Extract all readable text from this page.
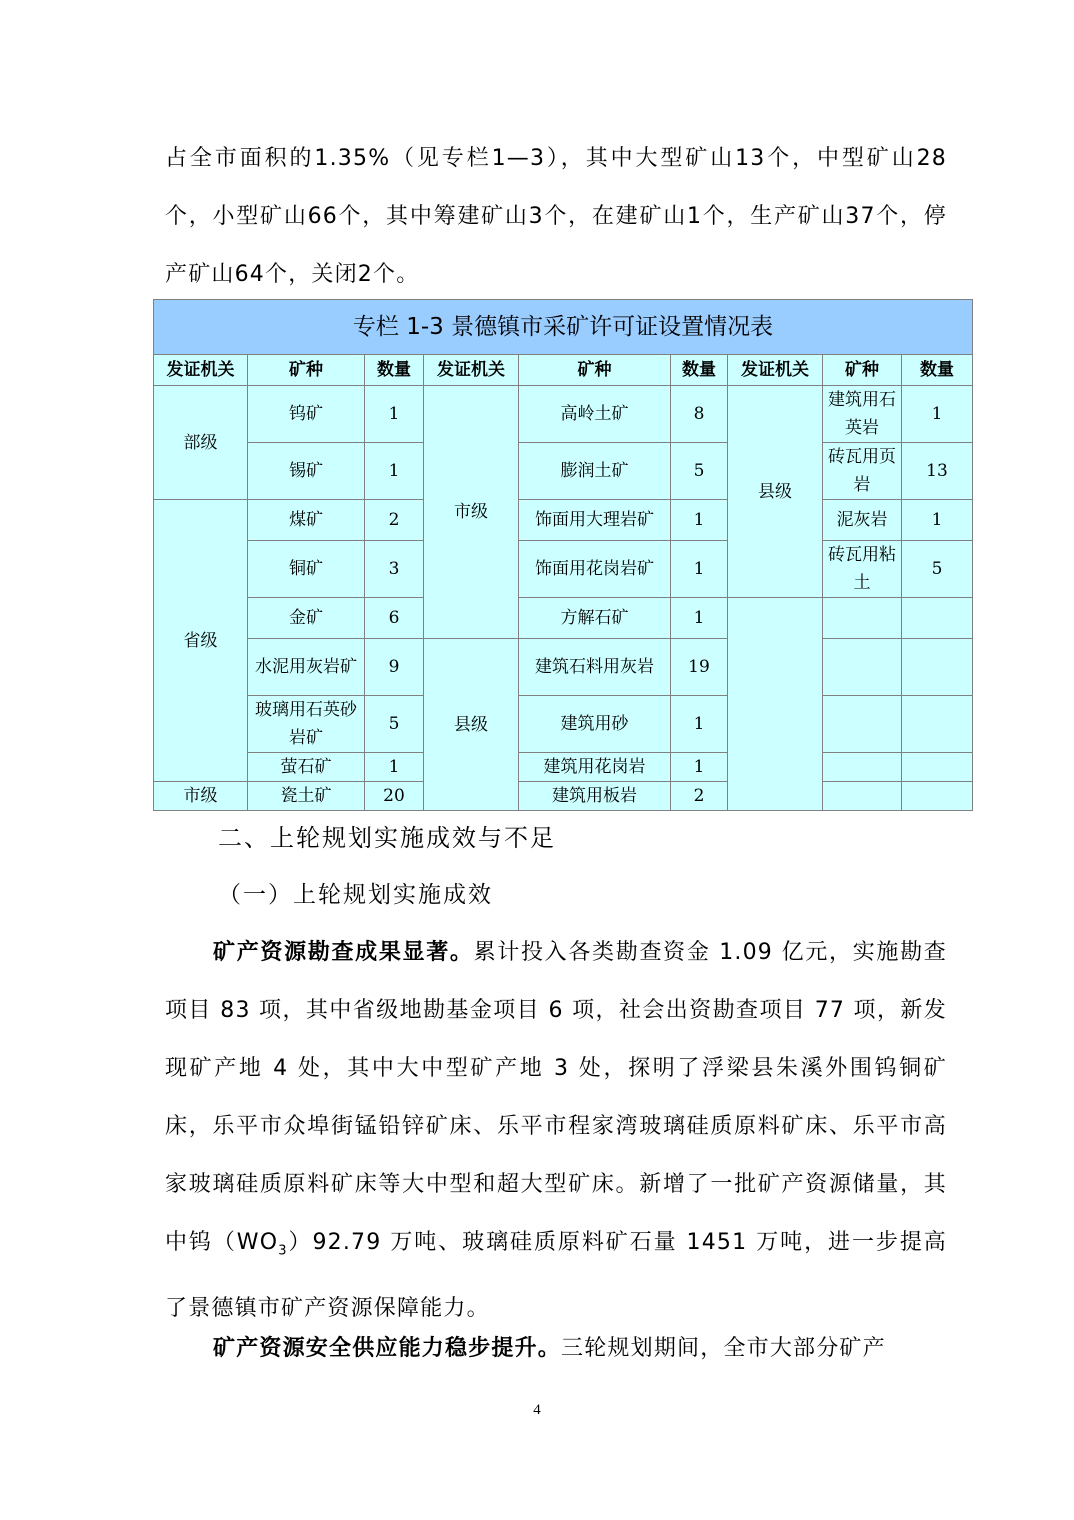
占全市面积的1.35%（见专栏1—3），其中大型矿山13个，中型矿山28个，小型矿山66个，其中筹建矿山3个，在建矿山1个，生产矿山37个，停产矿山64个，关闭2个。
专栏 1-3 景德镇市采矿许可证设置情况表								
发证机关	矿种	数量	发证机关	矿种	数量	发证机关	矿种	数量
部级	钨矿	1	市级	高岭土矿	8	县级	建筑用石英岩	1
	锡矿	1		膨润土矿	5		砖瓦用页岩	13
省级	煤矿	2		饰面用大理岩矿	1		泥灰岩	1
	铜矿	3		饰面用花岗岩矿	1		砖瓦用粘土	5
	金矿	6		方解石矿	1			
	水泥用灰岩矿	9	县级	建筑石料用灰岩	19			
	玻璃用石英砂岩矿	5		建筑用砂	1			
	萤石矿	1		建筑用花岗岩	1			
市级	瓷土矿	20		建筑用板岩	2			
二、上轮规划实施成效与不足
（一）上轮规划实施成效
矿产资源勘查成果显著。累计投入各类勘查资金 1.09 亿元，实施勘查项目 83 项，其中省级地勘基金项目 6 项，社会出资勘查项目 77 项，新发现矿产地 4 处，其中大中型矿产地 3 处，探明了浮梁县朱溪外围钨铜矿床，乐平市众埠街锰铅锌矿床、乐平市程家湾玻璃硅质原料矿床、乐平市高家玻璃硅质原料矿床等大中型和超大型矿床。新增了一批矿产资源储量，其中钨$(WO_3)92.79$ 万吨、玻璃硅质原料矿石量 1451 万吨，进一步提高了景德镇市矿产资源保障能力。
矿产资源安全供应能力稳步提升。三轮规划期间，全市大部分矿产
4
